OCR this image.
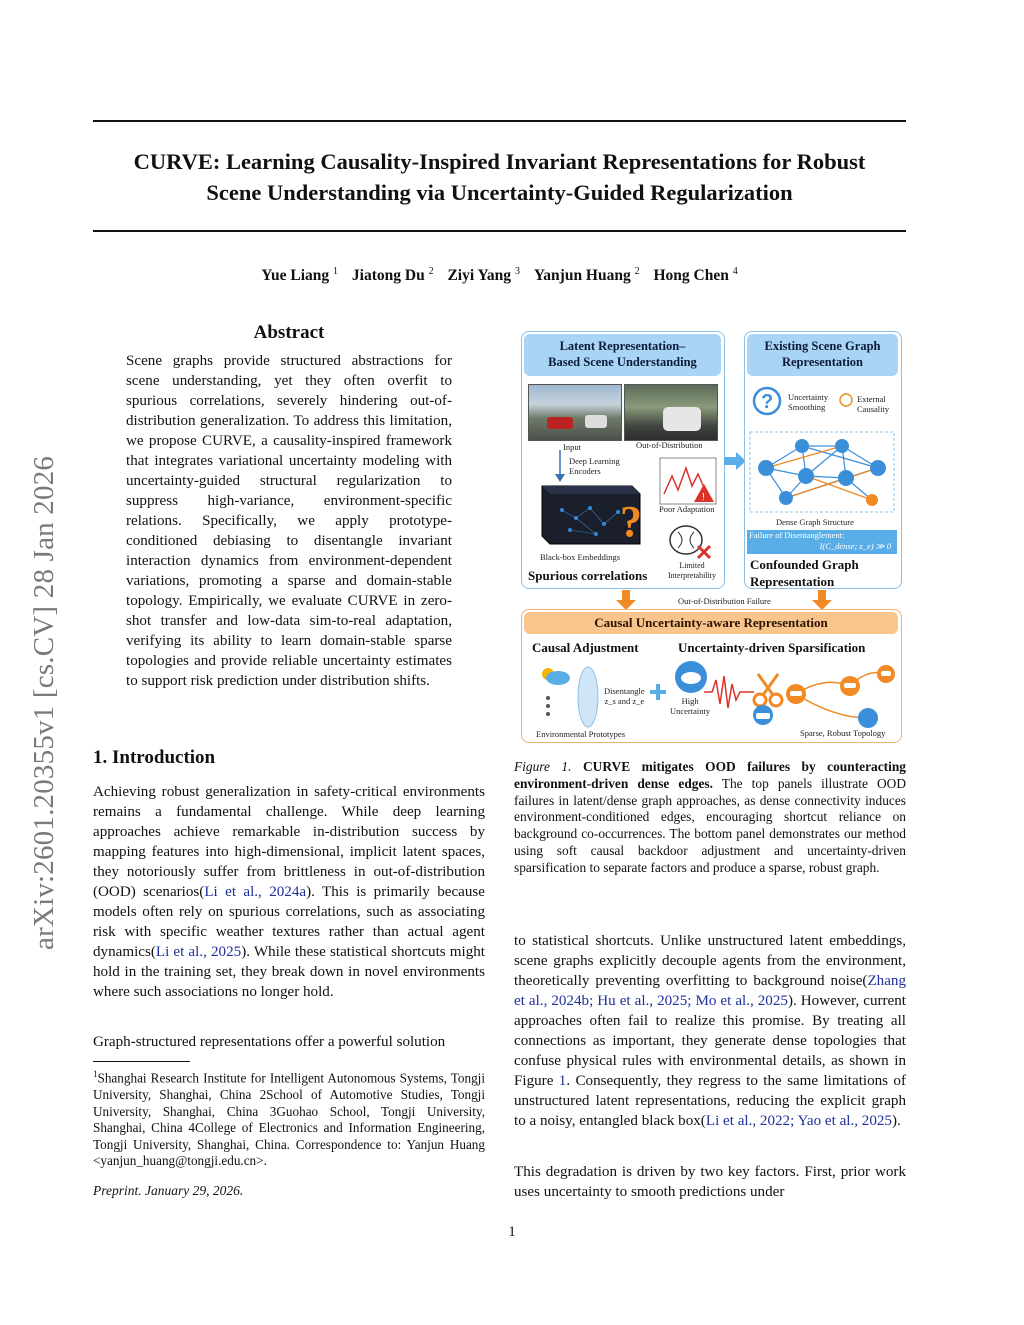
CURVE: Learning Causality-Inspired Invariant Representations for Robust
Scene Understanding via Uncertainty-Guided Regularization
Yue Liang $^1$ Jiatong Du $^2$ Ziyi Yang $^3$ Yanjun Huang $^2$ Hong Chen $^4$
arXiv:2601.20355v1 [cs.CV] 28 Jan 2026
Abstract
Scene graphs provide structured abstractions for scene understanding, yet they often overfit to spurious correlations, severely hindering out-of-distribution generalization. To address this limitation, we propose CURVE, a causality-inspired framework that integrates variational uncertainty modeling with uncertainty-guided structural regularization to suppress high-variance, environment-specific relations. Specifically, we apply prototype-conditioned debiasing to disentangle invariant interaction dynamics from environment-dependent variations, promoting a sparse and domain-stable topology. Empirically, we evaluate CURVE in zero-shot transfer and low-data sim-to-real adaptation, verifying its ability to learn domain-stable sparse topologies and provide reliable uncertainty estimates to support risk prediction under distribution shifts.
1. Introduction
Achieving robust generalization in safety-critical environments remains a fundamental challenge. While deep learning approaches achieve remarkable in-distribution success by mapping features into high-dimensional, implicit latent spaces, they notoriously suffer from brittleness in out-of-distribution (OOD) scenarios(Li et al., 2024a). This is primarily because models often rely on spurious correlations, such as associating risk with specific weather textures rather than actual agent dynamics(Li et al., 2025). While these statistical shortcuts might hold in the training set, they break down in novel environments where such associations no longer hold.
Graph-structured representations offer a powerful solution
$^1$Shanghai Research Institute for Intelligent Autonomous Systems, Tongji University, Shanghai, China 2School of Automotive Studies, Tongji University, Shanghai, China 3Guohao School, Tongji University, Shanghai, China 4College of Electronics and Information Engineering, Tongji University, Shanghai, China. Correspondence to: Yanjun Huang <yanjun_huang@tongji.edu.cn>.
Preprint. January 29, 2026.
1
Figure 1. CURVE mitigates OOD failures by counteracting environment-driven dense edges. The top panels illustrate OOD failures in latent/dense graph approaches, as dense connectivity induces environment-conditioned edges, encouraging shortcut reliance on background co-occurrences. The bottom panel demonstrates our method using soft causal backdoor adjustment and uncertainty-driven sparsification to separate factors and produce a sparse, robust graph.
to statistical shortcuts. Unlike unstructured latent embeddings, scene graphs explicitly decouple agents from the environment, theoretically preventing overfitting to background noise(Zhang et al., 2024b; Hu et al., 2025; Mo et al., 2025). However, current approaches often fail to realize this promise. By treating all connections as important, they generate dense topologies that confuse physical rules with environmental details, as shown in Figure 1. Consequently, they regress to the same limitations of unstructured latent representations, reducing the explicit graph to a noisy, entangled black box(Li et al., 2022; Yao et al., 2025).
This degradation is driven by two key factors. First, prior work uses uncertainty to smooth predictions under
Latent Representation–
Based Scene Understanding
Input	Out-of-Distribution
Deep Learning
Encoders
?
Black-box Embeddings
!
Poor Adaptation
Limited
Interpretability
Spurious correlations
Existing Scene Graph
Representation
? Uncertainty
Smoothing
External
Causality
Dense Graph Structure
Failure of Disentanglement:
I(C_dense; z_e) ≫ 0
Confounded Graph
Representation
Out-of-Distribution Failure
Causal Uncertainty-aware Representation
Causal Adjustment	Uncertainty-driven Sparsification
Disentangle
z_s and z_e	High
Uncertainty
Environmental Prototypes	Sparse, Robust Topology
